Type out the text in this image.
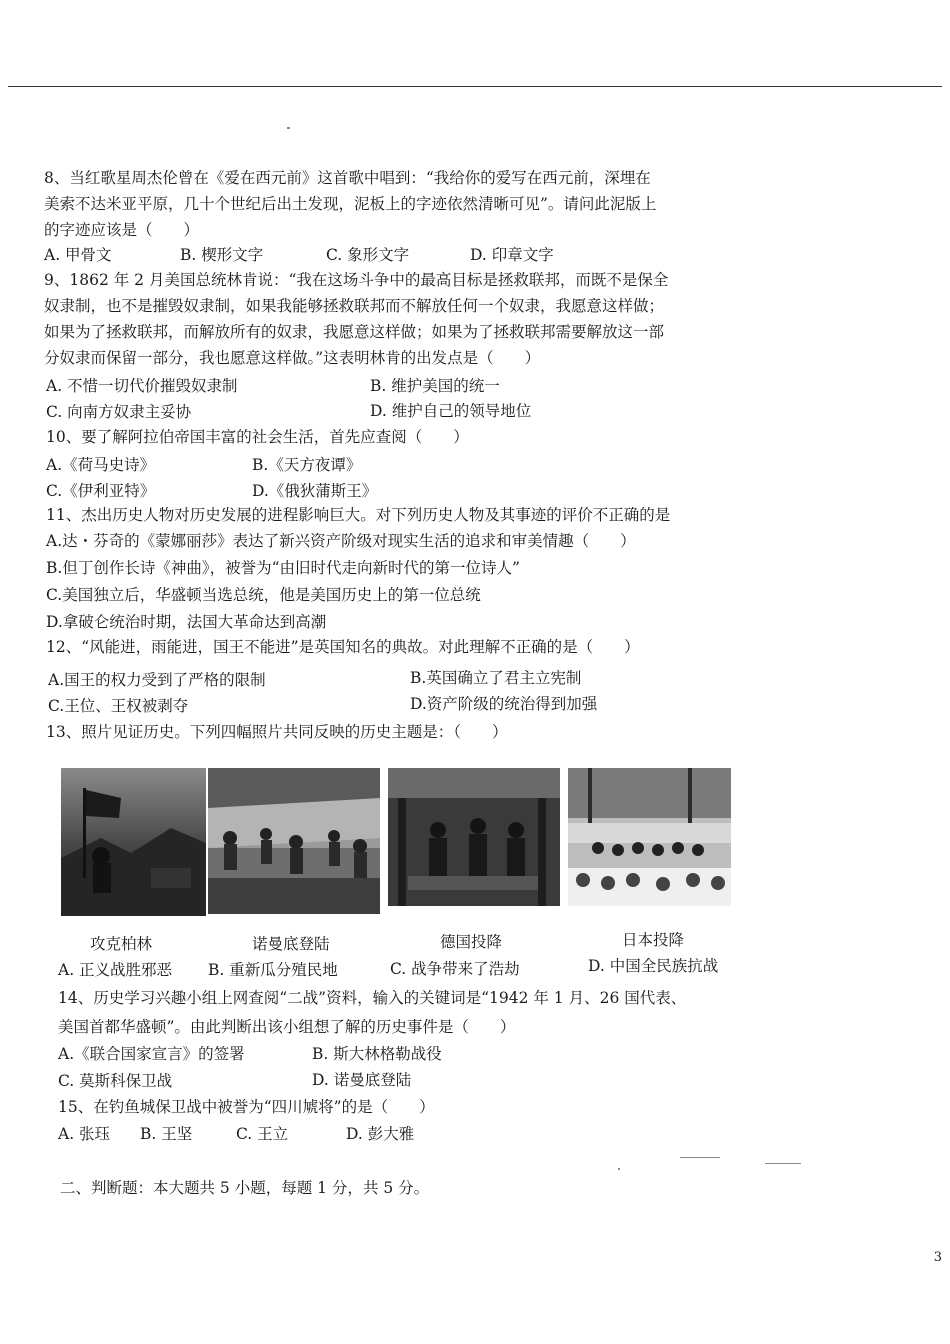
8、当红歌星周杰伦曾在《爱在西元前》这首歌中唱到：“我给你的爱写在西元前，深埋在
美索不达米亚平原，几十个世纪后出土发现，泥板上的字迹依然清晰可见”。请问此泥版上
的字迹应该是（　　）
A. 甲骨文	B. 楔形文字	C. 象形文字	D. 印章文字
9、1862 年 2 月美国总统林肯说：“我在这场斗争中的最高目标是拯救联邦，而既不是保全
奴隶制，也不是摧毁奴隶制，如果我能够拯救联邦而不解放任何一个奴隶，我愿意这样做；
如果为了拯救联邦，而解放所有的奴隶，我愿意这样做；如果为了拯救联邦需要解放这一部
分奴隶而保留一部分，我也愿意这样做。”这表明林肯的出发点是（　　）
A. 不惜一切代价摧毁奴隶制	B. 维护美国的统一
C. 向南方奴隶主妥协	D. 维护自己的领导地位
10、要了解阿拉伯帝国丰富的社会生活，首先应查阅（　　）
A.《荷马史诗》	B.《天方夜谭》
C.《伊利亚特》	D.《俄狄蒲斯王》
11、杰出历史人物对历史发展的进程影响巨大。对下列历史人物及其事迹的评价不正确的是
A.达・芬奇的《蒙娜丽莎》表达了新兴资产阶级对现实生活的追求和审美情趣（　　）
B.但丁创作长诗《神曲》，被誉为“由旧时代走向新时代的第一位诗人”
C.美国独立后，华盛顿当选总统，他是美国历史上的第一位总统
D.拿破仑统治时期，法国大革命达到高潮
12、“风能进，雨能进，国王不能进”是英国知名的典故。对此理解不正确的是（　　）
A.国王的权力受到了严格的限制	B.英国确立了君主立宪制
C.王位、王权被剥夺	D.资产阶级的统治得到加强
13、照片见证历史。下列四幅照片共同反映的历史主题是：（　　）
攻克柏林	诺曼底登陆	德国投降	日本投降
A. 正义战胜邪恶 B. 重新瓜分殖民地	C. 战争带来了浩劫	D. 中国全民族抗战
14、历史学习兴趣小组上网查阅“二战”资料，输入的关键词是“1942 年 1 月、26 国代表、
美国首都华盛顿”。由此判断出该小组想了解的历史事件是（　　）
A.《联合国家宣言》的签署	B. 斯大林格勒战役
C. 莫斯科保卫战	D. 诺曼底登陆
15、在钓鱼城保卫战中被誉为“四川虓将”的是（　　）
A. 张珏 B. 王坚	C. 王立	D. 彭大雅
二、判断题：本大题共 5 小题，每题 1 分，共 5 分。
3
